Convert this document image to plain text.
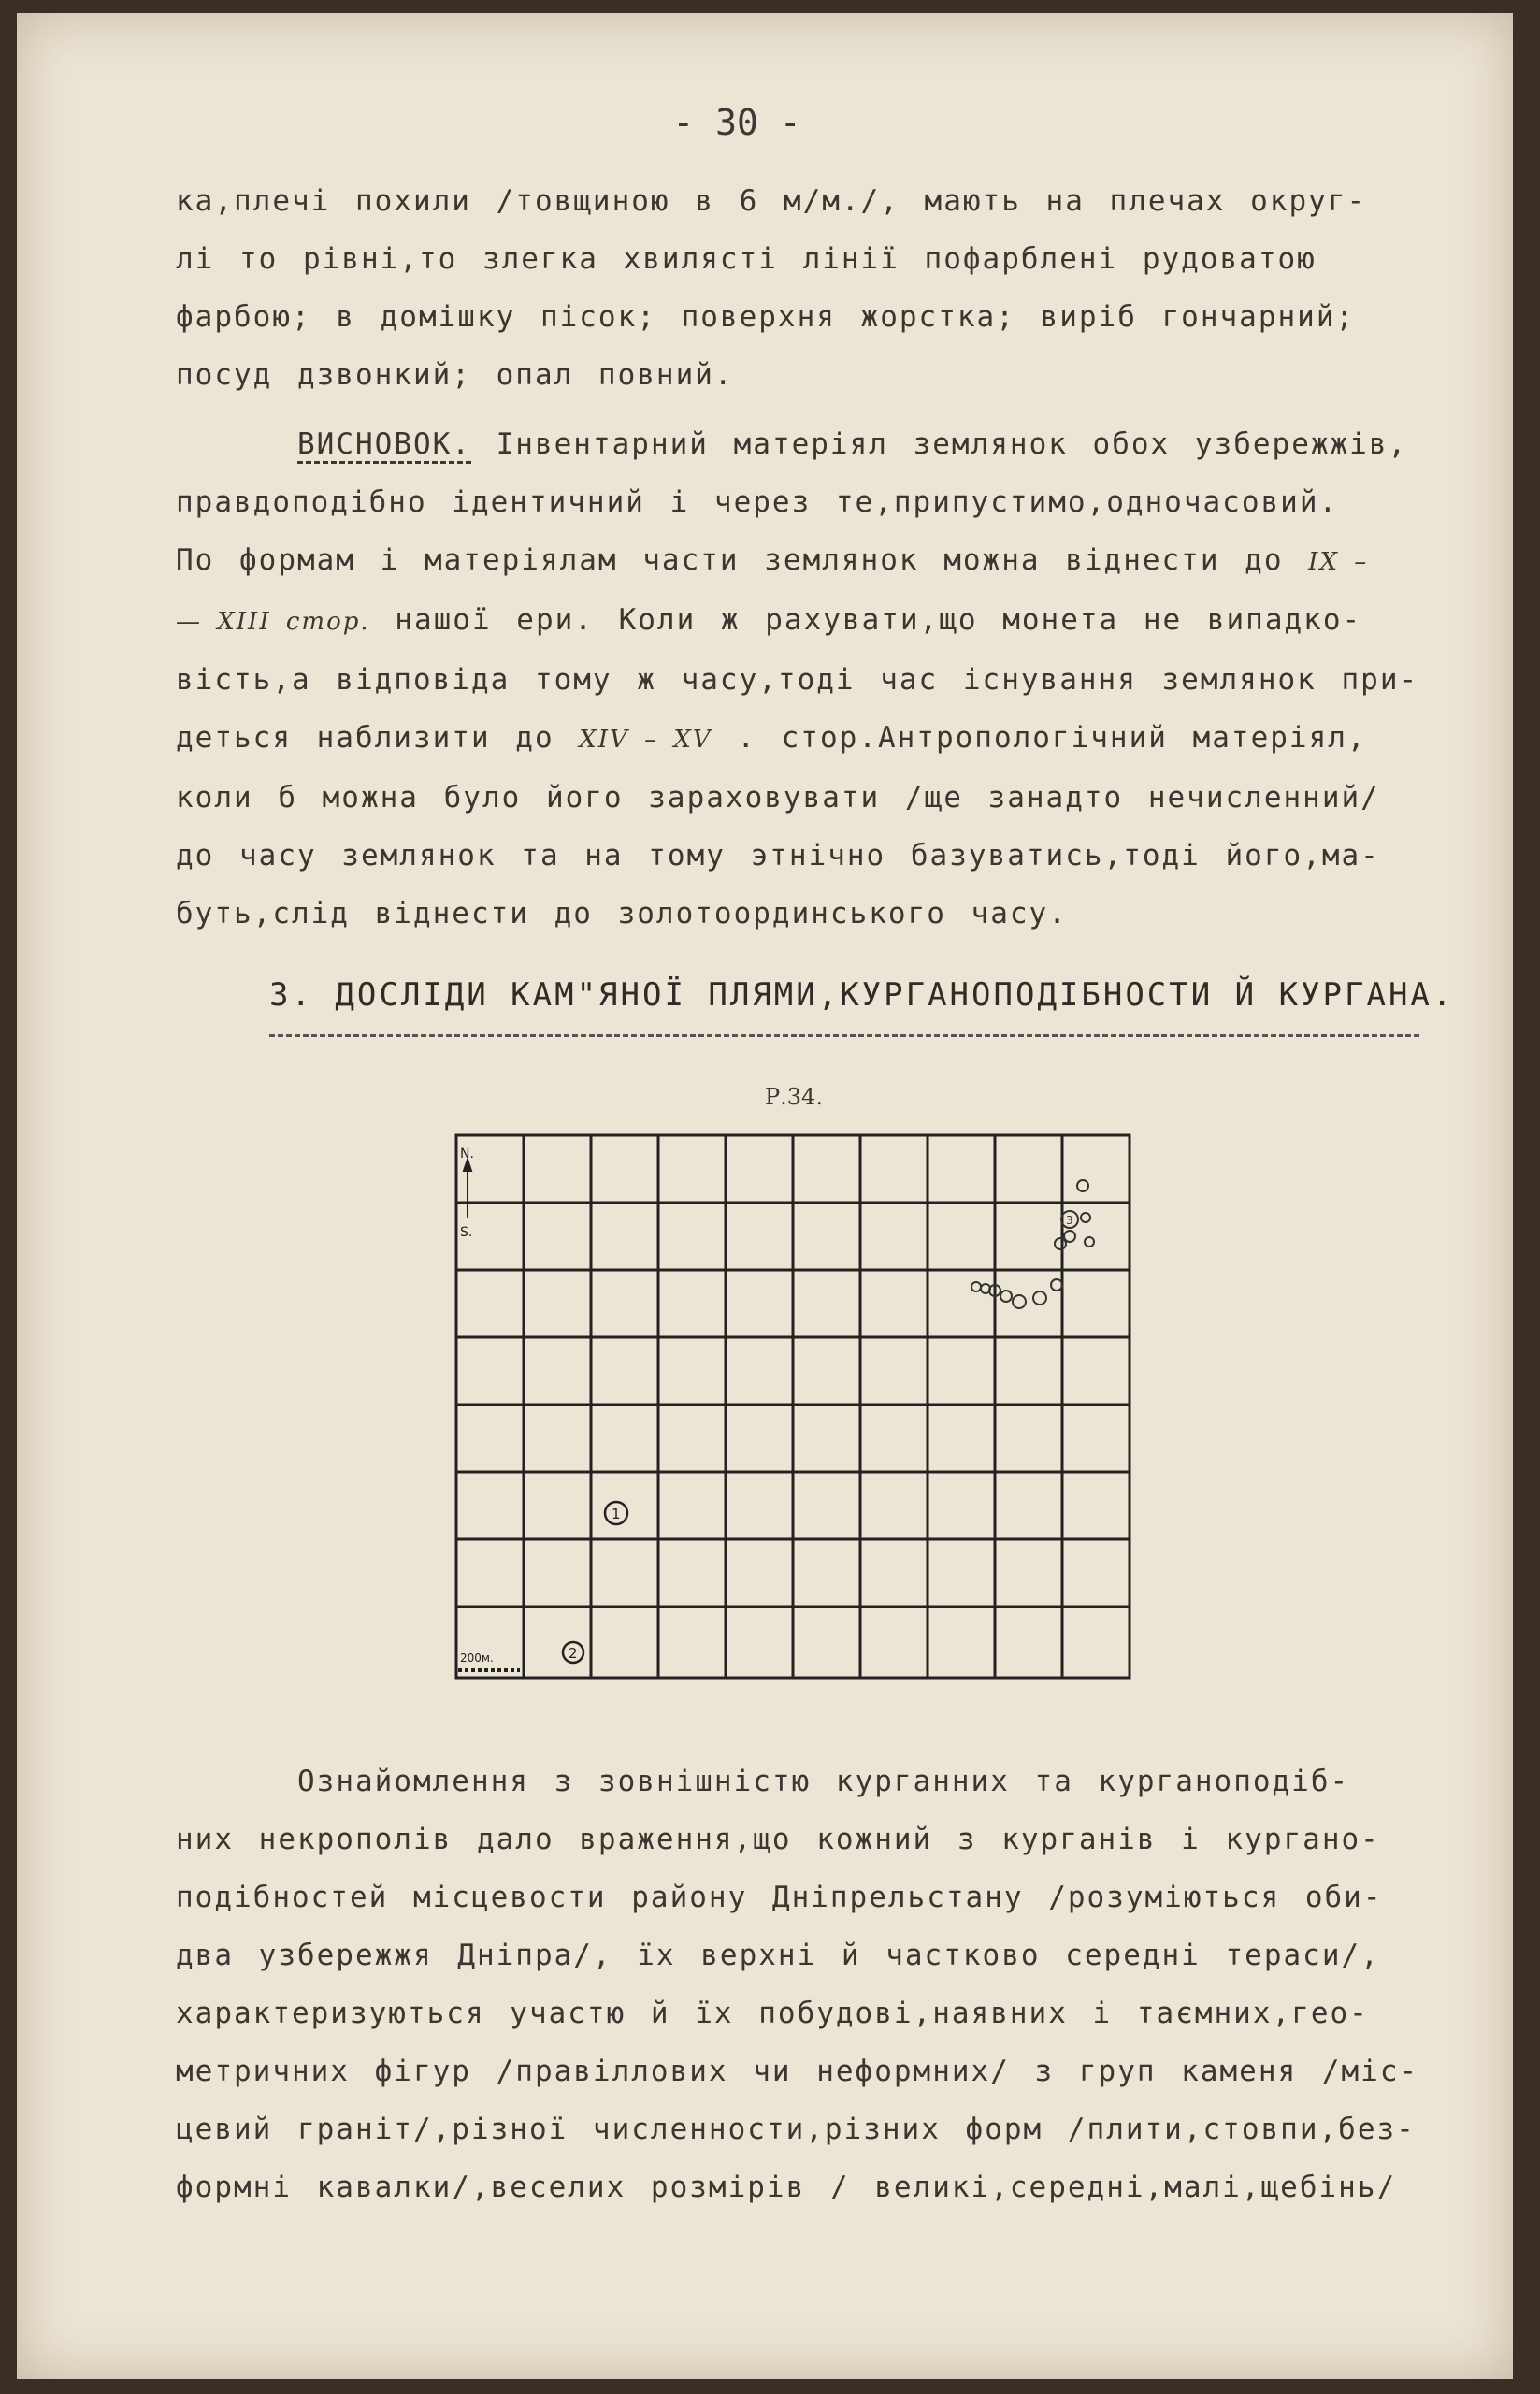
- 30 -
ка,плечі похили /товщиною в 6 м/м./, мають на плечах округ-
лі то рівні,то злегка хвилясті лінії пофарблені рудоватою
фарбою; в домішку пісок; поверхня жорстка; виріб гончарний;
посуд дзвонкий; опал повний.
ВИСНОВОК. Інвентарний матеріял землянок обох узбережжів,
правдоподібно ідентичний і через те,припустимо,одночасовий.
По формам і матеріялам части землянок можна віднести до ІХ –
— ХІІІ стор. нашої ери. Коли ж рахувати,що монета не випадко-
вість,а відповіда тому ж часу,тоді час існування землянок при-
деться наблизити до XIV – XV . стор.Антропологічний матеріял,
коли б можна було його зараховувати /ще занадто нечисленний/
до часу землянок та на тому этнічно базуватись,тоді його,ма-
буть,слід віднести до золотоординського часу.
3. ДОСЛІДИ КАМ"ЯНОЇ ПЛЯМИ,КУРГАНОПОДІБНОСТИ Й КУРГАНА.
Р.34.
N.
S.
3
1
2
200м.
Ознайомлення з зовнішністю курганних та курганоподіб-
них некрополів дало враження,що кожний з курганів і кургано-
подібностей місцевости району Дніпрельстану /розуміються оби-
два узбережжя Дніпра/, їх верхні й частково середні тераси/,
характеризуються участю й їх побудові,наявних і таємних,гео-
метричних фігур /правіллових чи неформних/ з груп каменя /міс-
цевий граніт/,різної численности,різних форм /плити,стовпи,без-
формні кавалки/,веселих розмірів / великі,середні,малі,щебінь/
